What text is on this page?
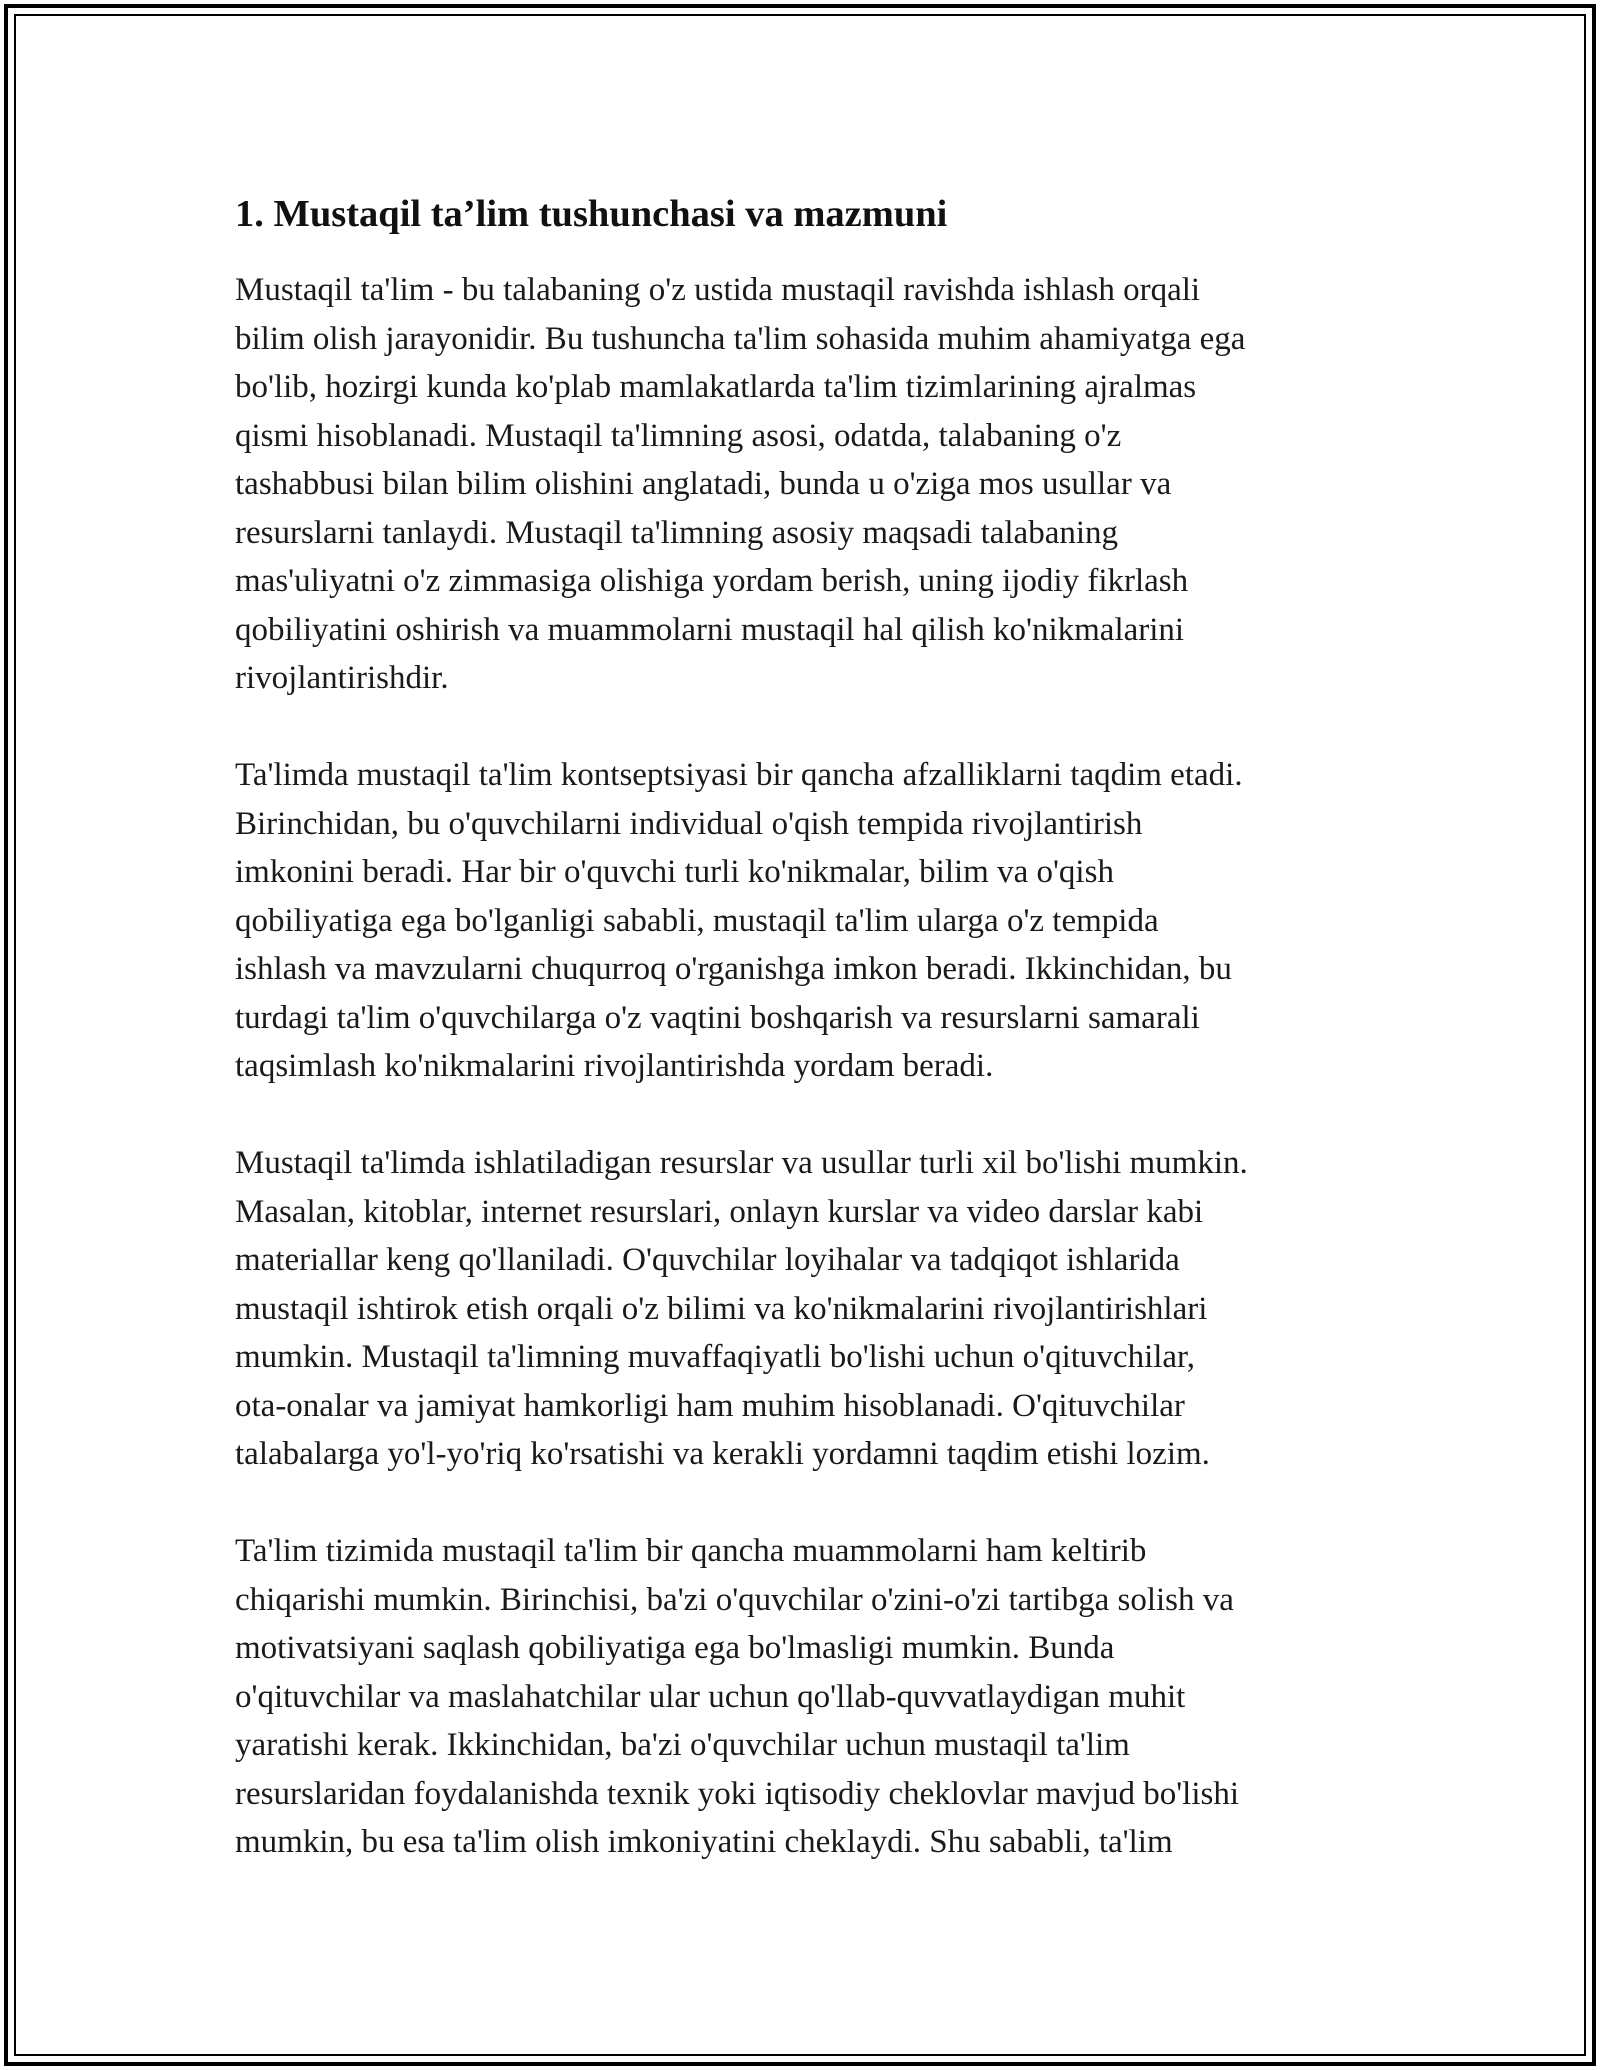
1. Mustaqil ta’lim tushunchasi va mazmuni

Mustaqil ta'lim - bu talabaning o'z ustida mustaqil ravishda ishlash orqali
bilim olish jarayonidir. Bu tushuncha ta'lim sohasida muhim ahamiyatga ega
bo'lib, hozirgi kunda ko'plab mamlakatlarda ta'lim tizimlarining ajralmas
qismi hisoblanadi. Mustaqil ta'limning asosi, odatda, talabaning o'z
tashabbusi bilan bilim olishini anglatadi, bunda u o'ziga mos usullar va
resurslarni tanlaydi. Mustaqil ta'limning asosiy maqsadi talabaning
mas'uliyatni o'z zimmasiga olishiga yordam berish, uning ijodiy fikrlash
qobiliyatini oshirish va muammolarni mustaqil hal qilish ko'nikmalarini
rivojlantirishdir.

Ta'limda mustaqil ta'lim kontseptsiyasi bir qancha afzalliklarni taqdim etadi.
Birinchidan, bu o'quvchilarni individual o'qish tempida rivojlantirish
imkonini beradi. Har bir o'quvchi turli ko'nikmalar, bilim va o'qish
qobiliyatiga ega bo'lganligi sababli, mustaqil ta'lim ularga o'z tempida
ishlash va mavzularni chuqurroq o'rganishga imkon beradi. Ikkinchidan, bu
turdagi ta'lim o'quvchilarga o'z vaqtini boshqarish va resurslarni samarali
taqsimlash ko'nikmalarini rivojlantirishda yordam beradi.

Mustaqil ta'limda ishlatiladigan resurslar va usullar turli xil bo'lishi mumkin.
Masalan, kitoblar, internet resurslari, onlayn kurslar va video darslar kabi
materiallar keng qo'llaniladi. O'quvchilar loyihalar va tadqiqot ishlarida
mustaqil ishtirok etish orqali o'z bilimi va ko'nikmalarini rivojlantirishlari
mumkin. Mustaqil ta'limning muvaffaqiyatli bo'lishi uchun o'qituvchilar,
ota-onalar va jamiyat hamkorligi ham muhim hisoblanadi. O'qituvchilar
talabalarga yo'l-yo'riq ko'rsatishi va kerakli yordamni taqdim etishi lozim.

Ta'lim tizimida mustaqil ta'lim bir qancha muammolarni ham keltirib
chiqarishi mumkin. Birinchisi, ba'zi o'quvchilar o'zini-o'zi tartibga solish va
motivatsiyani saqlash qobiliyatiga ega bo'lmasligi mumkin. Bunda
o'qituvchilar va maslahatchilar ular uchun qo'llab-quvvatlaydigan muhit
yaratishi kerak. Ikkinchidan, ba'zi o'quvchilar uchun mustaqil ta'lim
resurslaridan foydalanishda texnik yoki iqtisodiy cheklovlar mavjud bo'lishi
mumkin, bu esa ta'lim olish imkoniyatini cheklaydi. Shu sababli, ta'lim
